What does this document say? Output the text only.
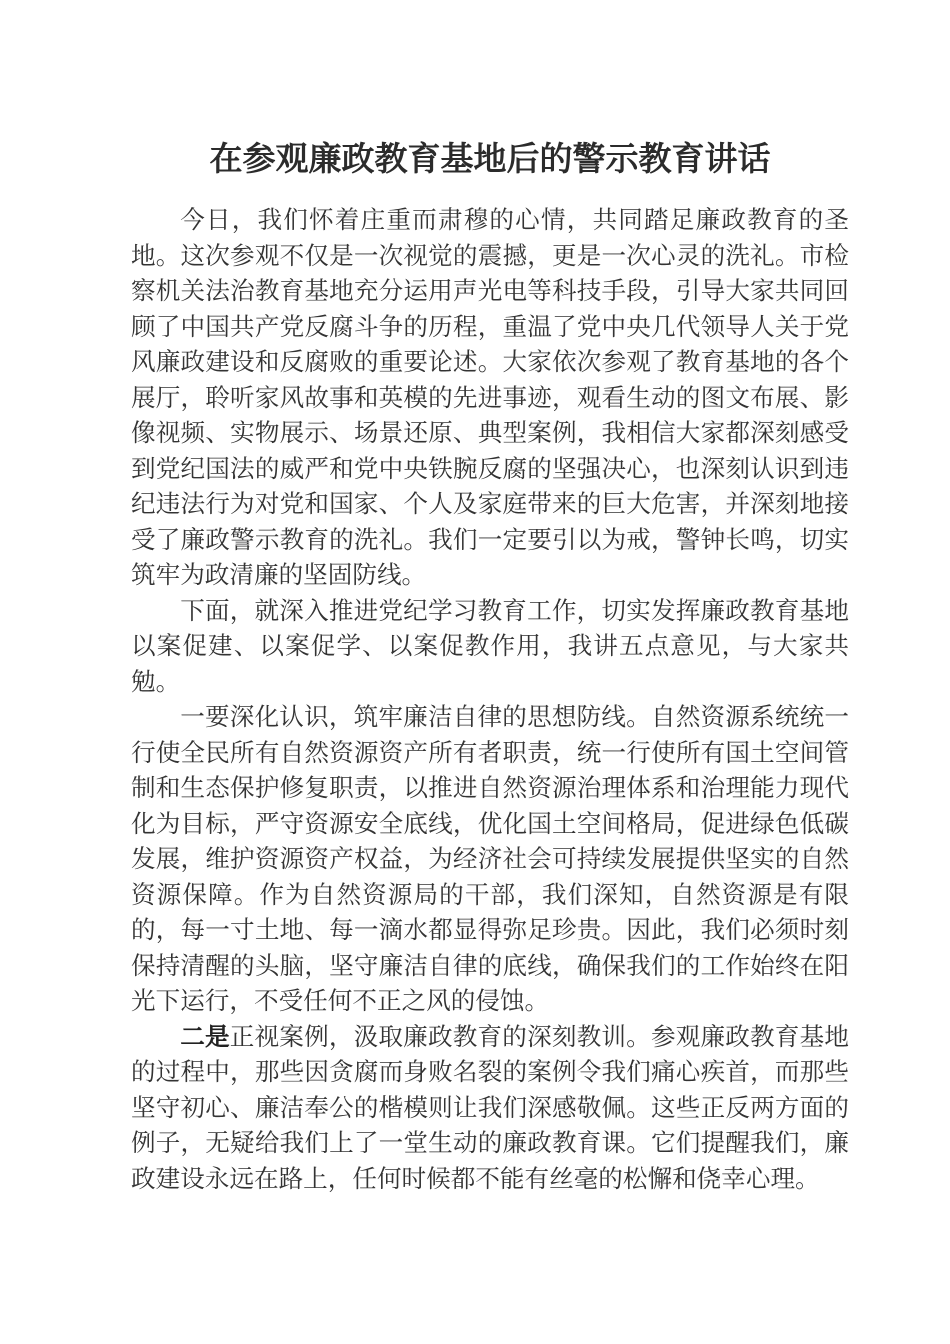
在参观廉政教育基地后的警示教育讲话

今日，我们怀着庄重而肃穆的心情，共同踏足廉政教育的圣地。这次参观不仅是一次视觉的震撼，更是一次心灵的洗礼。市检察机关法治教育基地充分运用声光电等科技手段，引导大家共同回顾了中国共产党反腐斗争的历程，重温了党中央几代领导人关于党风廉政建设和反腐败的重要论述。大家依次参观了教育基地的各个展厅，聆听家风故事和英模的先进事迹，观看生动的图文布展、影像视频、实物展示、场景还原、典型案例，我相信大家都深刻感受到党纪国法的威严和党中央铁腕反腐的坚强决心，也深刻认识到违纪违法行为对党和国家、个人及家庭带来的巨大危害，并深刻地接受了廉政警示教育的洗礼。我们一定要引以为戒，警钟长鸣，切实筑牢为政清廉的坚固防线。

下面，就深入推进党纪学习教育工作，切实发挥廉政教育基地以案促建、以案促学、以案促教作用，我讲五点意见，与大家共勉。

一要深化认识，筑牢廉洁自律的思想防线。自然资源系统统一行使全民所有自然资源资产所有者职责，统一行使所有国土空间管制和生态保护修复职责，以推进自然资源治理体系和治理能力现代化为目标，严守资源安全底线，优化国土空间格局，促进绿色低碳发展，维护资源资产权益，为经济社会可持续发展提供坚实的自然资源保障。作为自然资源局的干部，我们深知，自然资源是有限的，每一寸土地、每一滴水都显得弥足珍贵。因此，我们必须时刻保持清醒的头脑，坚守廉洁自律的底线，确保我们的工作始终在阳光下运行，不受任何不正之风的侵蚀。

二是正视案例，汲取廉政教育的深刻教训。参观廉政教育基地的过程中，那些因贪腐而身败名裂的案例令我们痛心疾首，而那些坚守初心、廉洁奉公的楷模则让我们深感敬佩。这些正反两方面的例子，无疑给我们上了一堂生动的廉政教育课。它们提醒我们，廉政建设永远在路上，任何时候都不能有丝毫的松懈和侥幸心理。
